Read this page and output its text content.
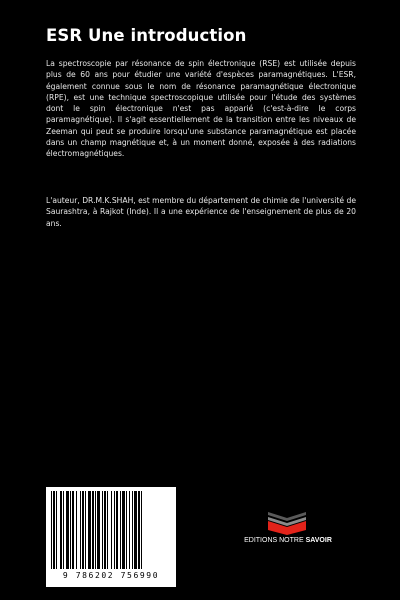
ESR Une introduction
La spectroscopie par résonance de spin électronique (RSE) est utilisée depuis plus de 60 ans pour étudier une variété d'espèces paramagnétiques. L'ESR, également connue sous le nom de résonance paramagnétique électronique (RPE), est une technique spectroscopique utilisée pour l'étude des systèmes dont le spin électronique n'est pas apparié (c'est-à-dire le corps paramagnétique). Il s'agit essentiellement de la transition entre les niveaux de Zeeman qui peut se produire lorsqu'une substance paramagnétique est placée dans un champ magnétique et, à un moment donné, exposée à des radiations électromagnétiques.
L'auteur, DR.M.K.SHAH, est membre du département de chimie de l'université de Saurashtra, à Rajkot (Inde). Il a une expérience de l'enseignement de plus de 20 ans.
9 786202 756990
EDITIONS NOTRE SAVOIR
